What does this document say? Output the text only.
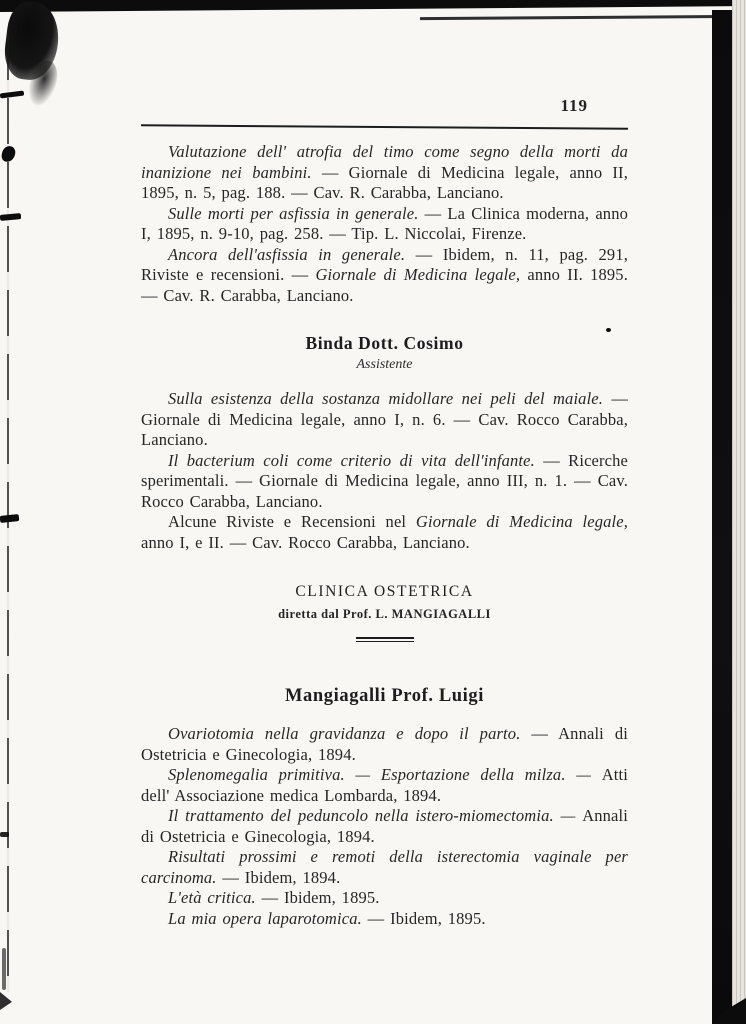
119

Valutazione dell' atrofia del timo come segno della morti da inanizione nei bambini. — Giornale di Medicina legale, anno II, 1895, n. 5, pag. 188. — Cav. R. Carabba, Lanciano.

Sulle morti per asfissia in generale. — La Clinica moderna, anno I, 1895, n. 9-10, pag. 258. — Tip. L. Niccolai, Firenze.

Ancora dell'asfissia in generale. — Ibidem, n. 11, pag. 291, Riviste e recensioni. — Giornale di Medicina legale, anno II. 1895. — Cav. R. Carabba, Lanciano.

Binda Dott. Cosimo
Assistente

Sulla esistenza della sostanza midollare nei peli del maiale. — Giornale di Medicina legale, anno I, n. 6. — Cav. Rocco Carabba, Lanciano.

Il bacterium coli come criterio di vita dell'infante. — Ricerche sperimentali. — Giornale di Medicina legale, anno III, n. 1. — Cav. Rocco Carabba, Lanciano.

Alcune Riviste e Recensioni nel Giornale di Medicina legale, anno I, e II. — Cav. Rocco Carabba, Lanciano.

CLINICA OSTETRICA
diretta dal Prof. L. MANGIAGALLI
Mangiagalli Prof. Luigi

Ovariotomia nella gravidanza e dopo il parto. — Annali di Ostetricia e Ginecologia, 1894.

Splenomegalia primitiva. — Esportazione della milza. — Atti dell' Associazione medica Lombarda, 1894.

Il trattamento del peduncolo nella istero-miomectomia. — Annali di Ostetricia e Ginecologia, 1894.

Risultati prossimi e remoti della isterectomia vaginale per carcinoma. — Ibidem, 1894.

L'età critica. — Ibidem, 1895.

La mia opera laparotomica. — Ibidem, 1895.
